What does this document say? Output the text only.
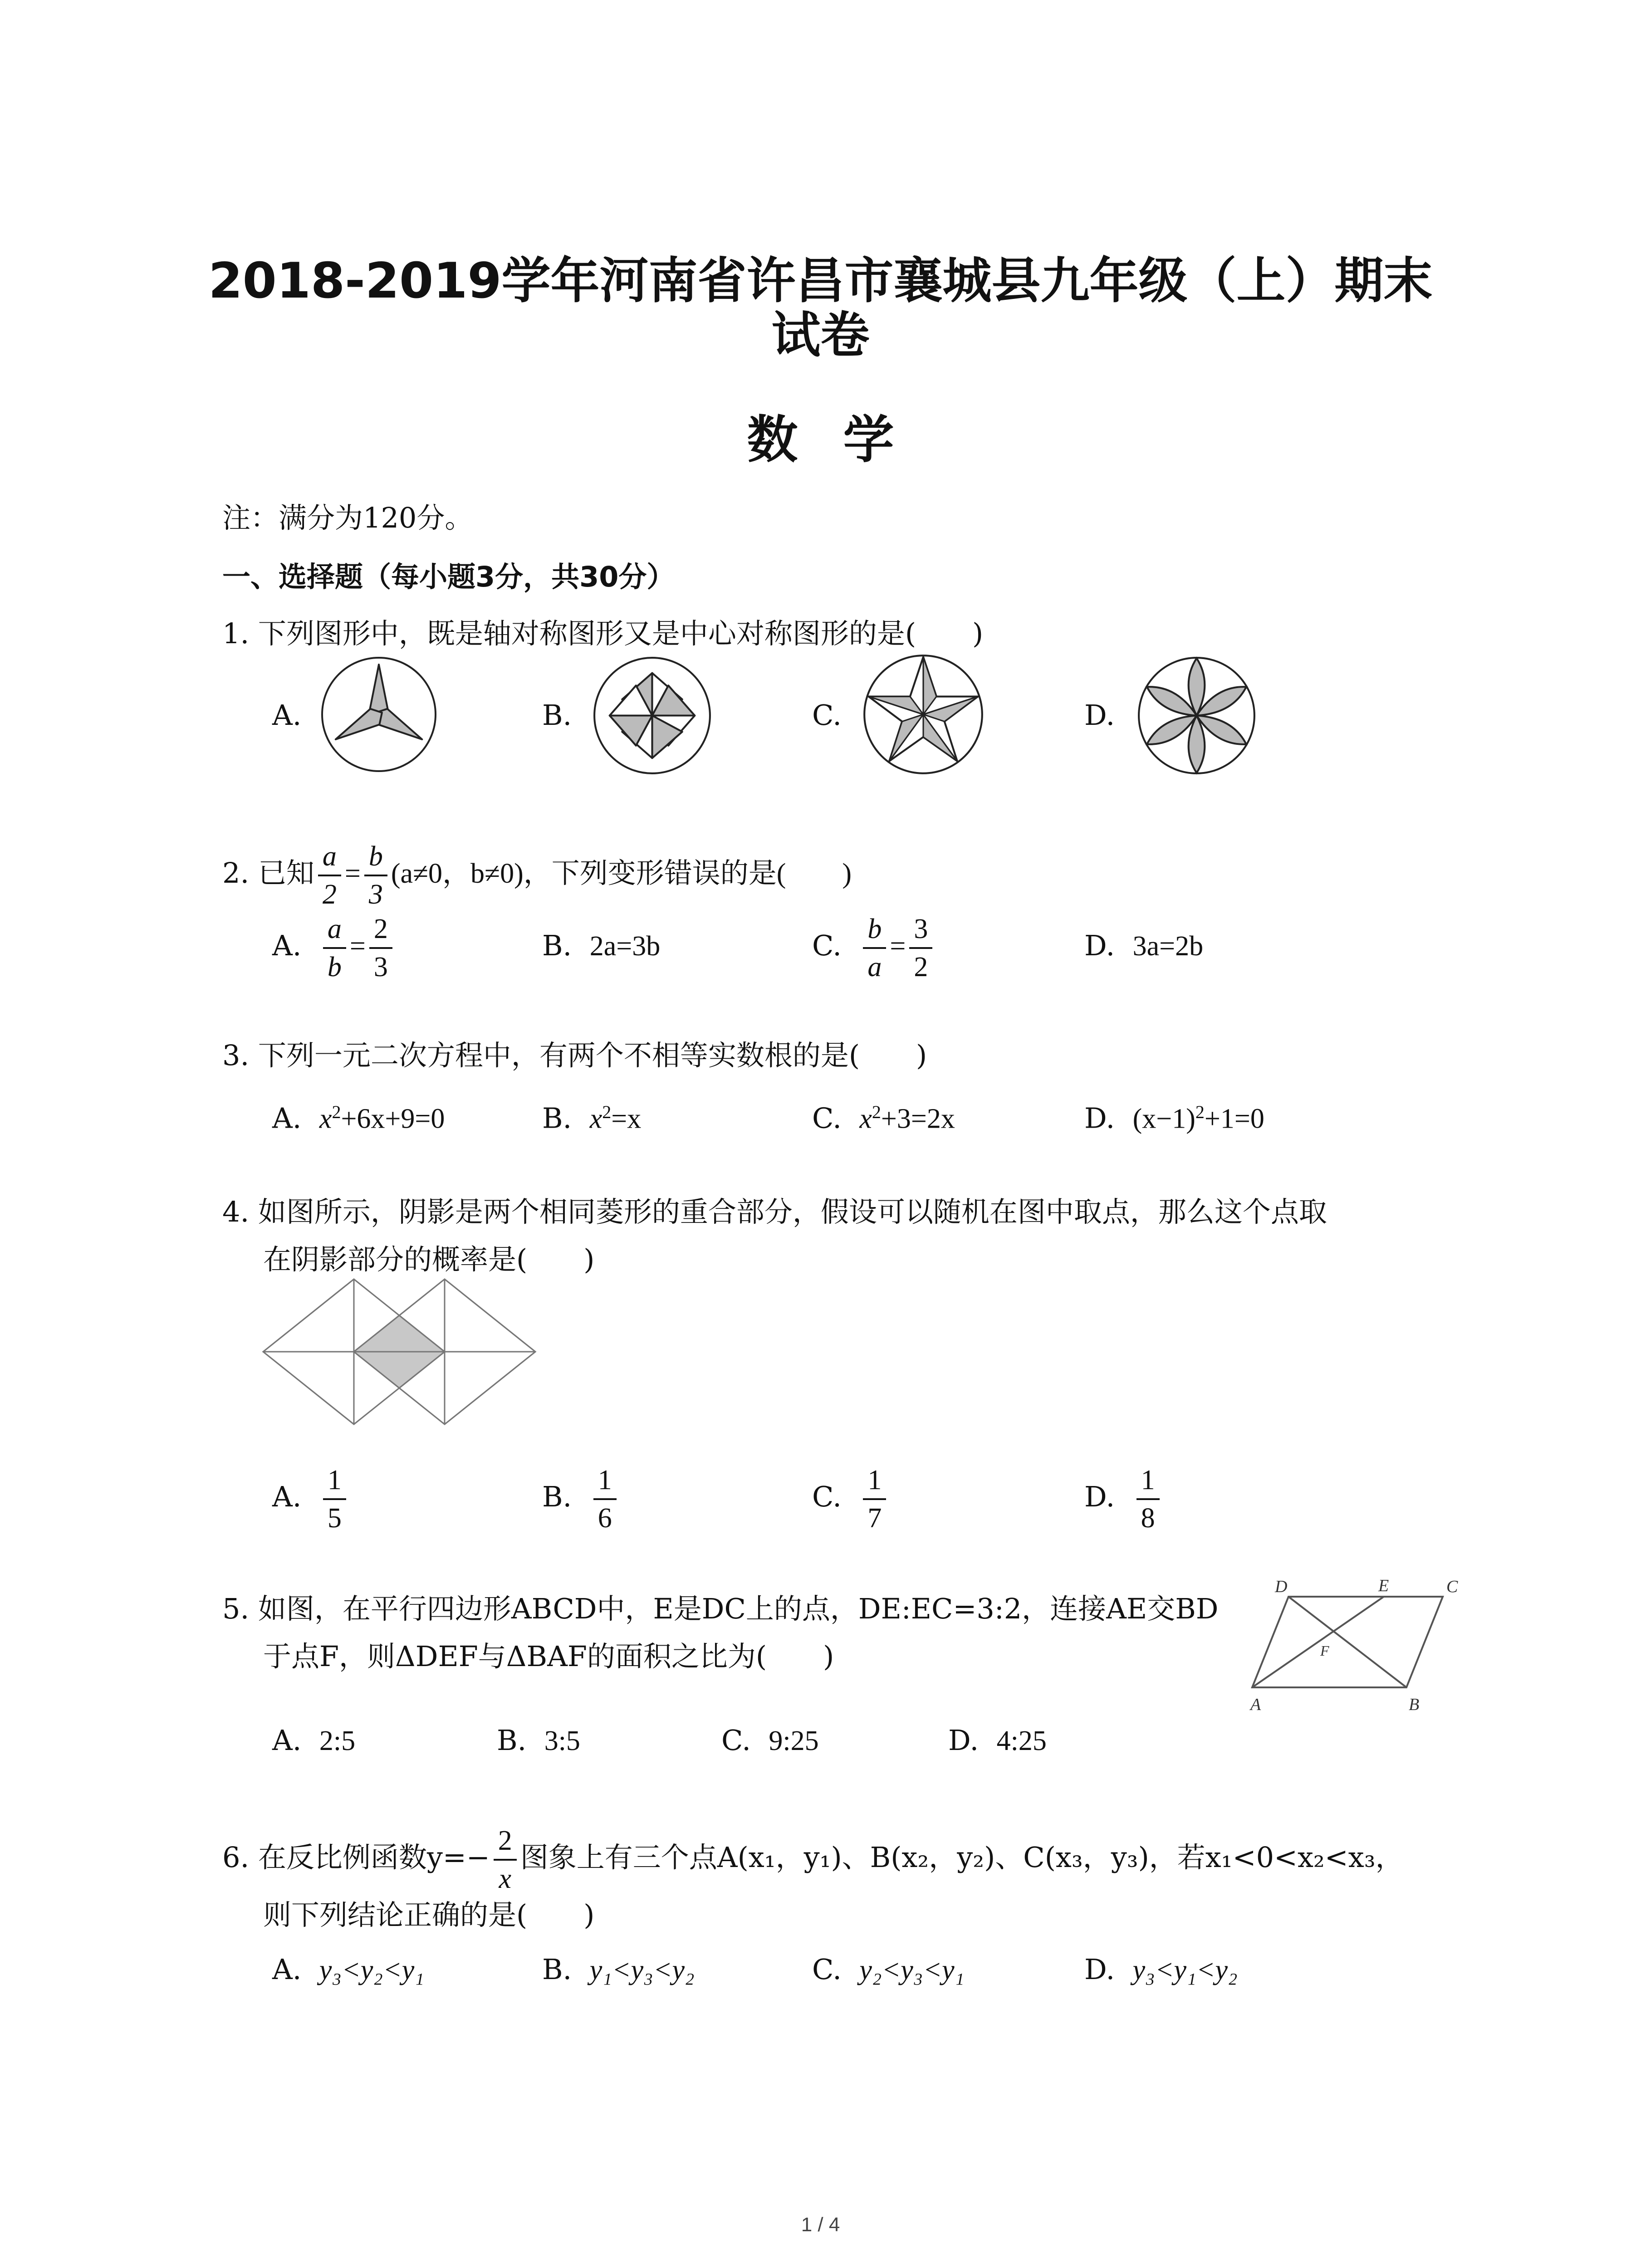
2018-2019学年河南省许昌市襄城县九年级（上）期末
试卷
数学
注：满分为120分。
一、选择题（每小题3分，共30分）
1. 下列图形中，既是轴对称图形又是中心对称图形的是(　　)
A.	B.	C.	D.
2. 已知 $\frac{a}{2} = \frac{b}{3} (a\ne 0$，b≠0)，下列变形错误的是(　　)
A. $\frac{a}{b} = \frac{2}{3}$	B. 2a=3b	C. $\frac{b}{a} = \frac{3}{2}$	D. 3a=2b
3. 下列一元二次方程中，有两个不相等实数根的是(　　)
A. $x^2+6x+9=0$	B. $x^2=x$	C. $x^2+3=2x$	D. $(x-1)^2+1=0$
4. 如图所示，阴影是两个相同菱形的重合部分，假设可以随机在图中取点，那么这个点取
在阴影部分的概率是(　　)
A. $\frac{1}{5}$	B. $\frac{1}{6}$	C. $\frac{1}{7}$	D. $\frac{1}{8}$
5. 如图，在平行四边形ABCD中，E是DC上的点，DE:EC=3:2，连接AE交BD
于点F，则ΔDEF与ΔBAF的面积之比为(　　)
D	E	C
F
A	B
A. 2:5	B. 3:5	C. 9:25	D. 4:25
6. 在反比例函数$y=- \frac{2}{x}$ 图象上有三个点A(x₁，y₁)、B(x₂，y₂)、C(x₃，y₃)，若x₁<0<x₂<x₃，
则下列结论正确的是(　　)
A. y₃<y₂<y₁	B. y₁<y₃<y₂	C. y₂<y₃<y₁	D. y₃<y₁<y₂
1 / 4
